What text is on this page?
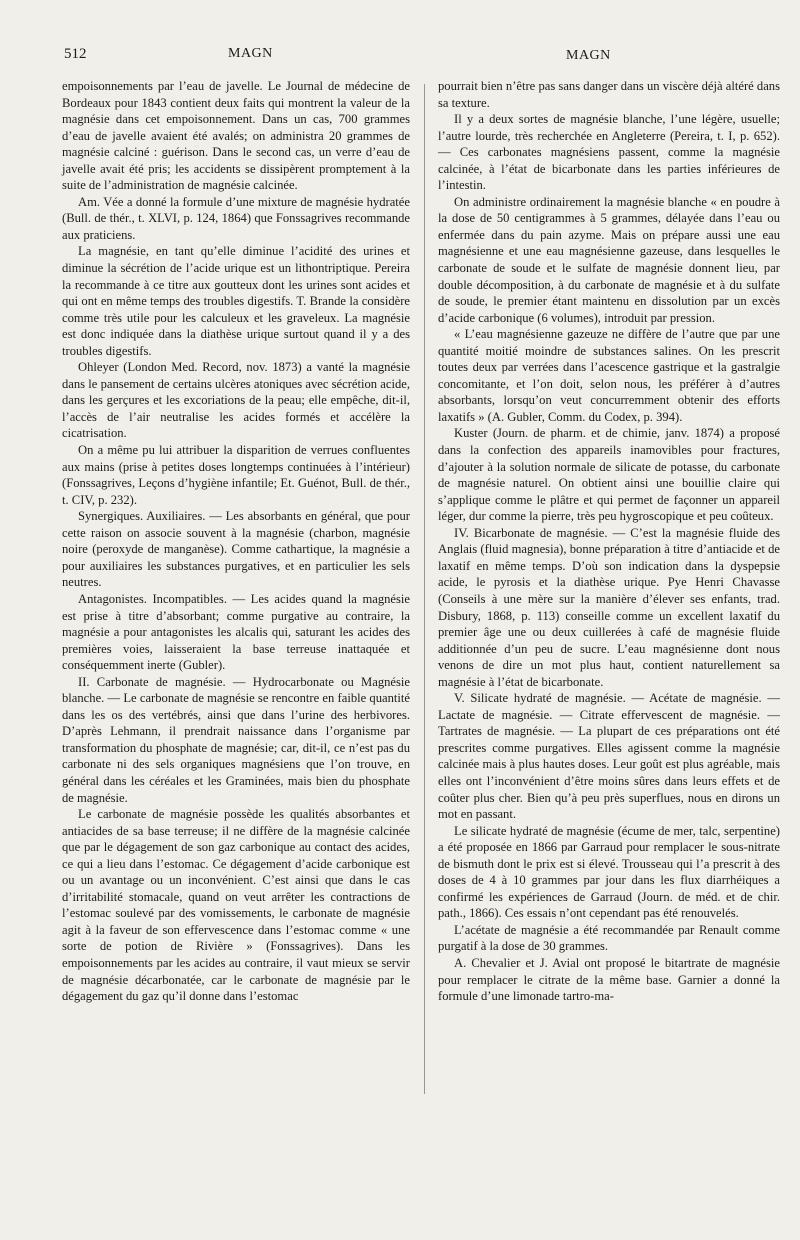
512	MAGN	MAGN

empoisonnements par l’eau de javelle. Le Journal de médecine de Bordeaux pour 1843 contient deux faits qui montrent la valeur de la magnésie dans cet empoisonnement. Dans un cas, 700 grammes d’eau de javelle avaient été avalés; on administra 20 grammes de magnésie calciné : guérison. Dans le second cas, un verre d’eau de javelle avait été pris; les accidents se dissipèrent promptement à la suite de l’administration de magnésie calcinée.

Am. Vée a donné la formule d’une mixture de magnésie hydratée (Bull. de thér., t. XLVI, p. 124, 1864) que Fonssagrives recommande aux praticiens.

La magnésie, en tant qu’elle diminue l’acidité des urines et diminue la sécrétion de l’acide urique est un lithontriptique. Pereira la recommande à ce titre aux goutteux dont les urines sont acides et qui ont en même temps des troubles digestifs. T. Brande la considère comme très utile pour les calculeux et les graveleux. La magnésie est donc indiquée dans la diathèse urique surtout quand il y a des troubles digestifs.

Ohleyer (London Med. Record, nov. 1873) a vanté la magnésie dans le pansement de certains ulcères atoniques avec sécrétion acide, dans les gerçures et les excoriations de la peau; elle empêche, dit-il, l’accès de l’air neutralise les acides formés et accélère la cicatrisation.

On a même pu lui attribuer la disparition de verrues confluentes aux mains (prise à petites doses longtemps continuées à l’intérieur) (Fonssagrives, Leçons d’hygiène infantile; Et. Guénot, Bull. de thér., t. CIV, p. 232).

Synergiques. Auxiliaires. — Les absorbants en général, que pour cette raison on associe souvent à la magnésie (charbon, magnésie noire (peroxyde de manganèse). Comme cathartique, la magnésie a pour auxiliaires les substances purgatives, et en particulier les sels neutres.

Antagonistes. Incompatibles. — Les acides quand la magnésie est prise à titre d’absorbant; comme purgative au contraire, la magnésie a pour antagonistes les alcalis qui, saturant les acides des premières voies, laisseraient la base terreuse inattaquée et conséquemment inerte (Gubler).

II. Carbonate de magnésie. — Hydrocarbonate ou Magnésie blanche. — Le carbonate de magnésie se rencontre en faible quantité dans les os des vertébrés, ainsi que dans l’urine des herbivores. D’après Lehmann, il prendrait naissance dans l’organisme par transformation du phosphate de magnésie; car, dit-il, ce n’est pas du carbonate ni des sels organiques magnésiens que l’on trouve, en général dans les céréales et les Graminées, mais bien du phosphate de magnésie.

Le carbonate de magnésie possède les qualités absorbantes et antiacides de sa base terreuse; il ne diffère de la magnésie calcinée que par le dégagement de son gaz carbonique au contact des acides, ce qui a lieu dans l’estomac. Ce dégagement d’acide carbonique est ou un avantage ou un inconvénient. C’est ainsi que dans le cas d’irritabilité stomacale, quand on veut arrêter les contractions de l’estomac soulevé par des vomissements, le carbonate de magnésie agit à la faveur de son effervescence dans l’estomac comme « une sorte de potion de Rivière » (Fonssagrives). Dans les empoisonnements par les acides au contraire, il vaut mieux se servir de magnésie décarbonatée, car le carbonate de magnésie par le dégagement du gaz qu’il donne dans l’estomac

pourrait bien n’être pas sans danger dans un viscère déjà altéré dans sa texture.

Il y a deux sortes de magnésie blanche, l’une légère, usuelle; l’autre lourde, très recherchée en Angleterre (Pereira, t. I, p. 652). — Ces carbonates magnésiens passent, comme la magnésie calcinée, à l’état de bicarbonate dans les parties inférieures de l’intestin.

On administre ordinairement la magnésie blanche « en poudre à la dose de 50 centigrammes à 5 grammes, délayée dans l’eau ou enfermée dans du pain azyme. Mais on prépare aussi une eau magnésienne et une eau magnésienne gazeuse, dans lesquelles le carbonate de soude et le sulfate de magnésie donnent lieu, par double décomposition, à du carbonate de magnésie et à du sulfate de soude, le premier étant maintenu en dissolution par un excès d’acide carbonique (6 volumes), introduit par pression.

« L’eau magnésienne gazeuze ne diffère de l’autre que par une quantité moitié moindre de substances salines. On les prescrit toutes deux par verrées dans l’acescence gastrique et la gastralgie concomitante, et l’on doit, selon nous, les préférer à d’autres absorbants, lorsqu’on veut concurremment obtenir des efforts laxatifs » (A. Gubler, Comm. du Codex, p. 394).

Kuster (Journ. de pharm. et de chimie, janv. 1874) a proposé dans la confection des appareils inamovibles pour fractures, d’ajouter à la solution normale de silicate de potasse, du carbonate de magnésie naturel. On obtient ainsi une bouillie claire qui s’applique comme le plâtre et qui permet de façonner un appareil léger, dur comme la pierre, très peu hygroscopique et peu coûteux.

IV. Bicarbonate de magnésie. — C’est la magnésie fluide des Anglais (fluid magnesia), bonne préparation à titre d’antiacide et de laxatif en même temps. D’où son indication dans la dyspepsie acide, le pyrosis et la diathèse urique. Pye Henri Chavasse (Conseils à une mère sur la manière d’élever ses enfants, trad. Disbury, 1868, p. 113) conseille comme un excellent laxatif du premier âge une ou deux cuillerées à café de magnésie fluide additionnée d’un peu de sucre. L’eau magnésienne dont nous venons de dire un mot plus haut, contient naturellement sa magnésie à l’état de bicarbonate.

V. Silicate hydraté de magnésie. — Acétate de magnésie. — Lactate de magnésie. — Citrate effervescent de magnésie. — Tartrates de magnésie. — La plupart de ces préparations ont été prescrites comme purgatives. Elles agissent comme la magnésie calcinée mais à plus hautes doses. Leur goût est plus agréable, mais elles ont l’inconvénient d’être moins sûres dans leurs effets et de coûter plus cher. Bien qu’à peu près superflues, nous en dirons un mot en passant.

Le silicate hydraté de magnésie (écume de mer, talc, serpentine) a été proposée en 1866 par Garraud pour remplacer le sous-nitrate de bismuth dont le prix est si élevé. Trousseau qui l’a prescrit à des doses de 4 à 10 grammes par jour dans les flux diarrhéiques a confirmé les expériences de Garraud (Journ. de méd. et de chir. path., 1866). Ces essais n’ont cependant pas été renouvelés.

L’acétate de magnésie a été recommandée par Renault comme purgatif à la dose de 30 grammes.

A. Chevalier et J. Avial ont proposé le bitartrate de magnésie pour remplacer le citrate de la même base. Garnier a donné la formule d’une limonade tartro-ma-
